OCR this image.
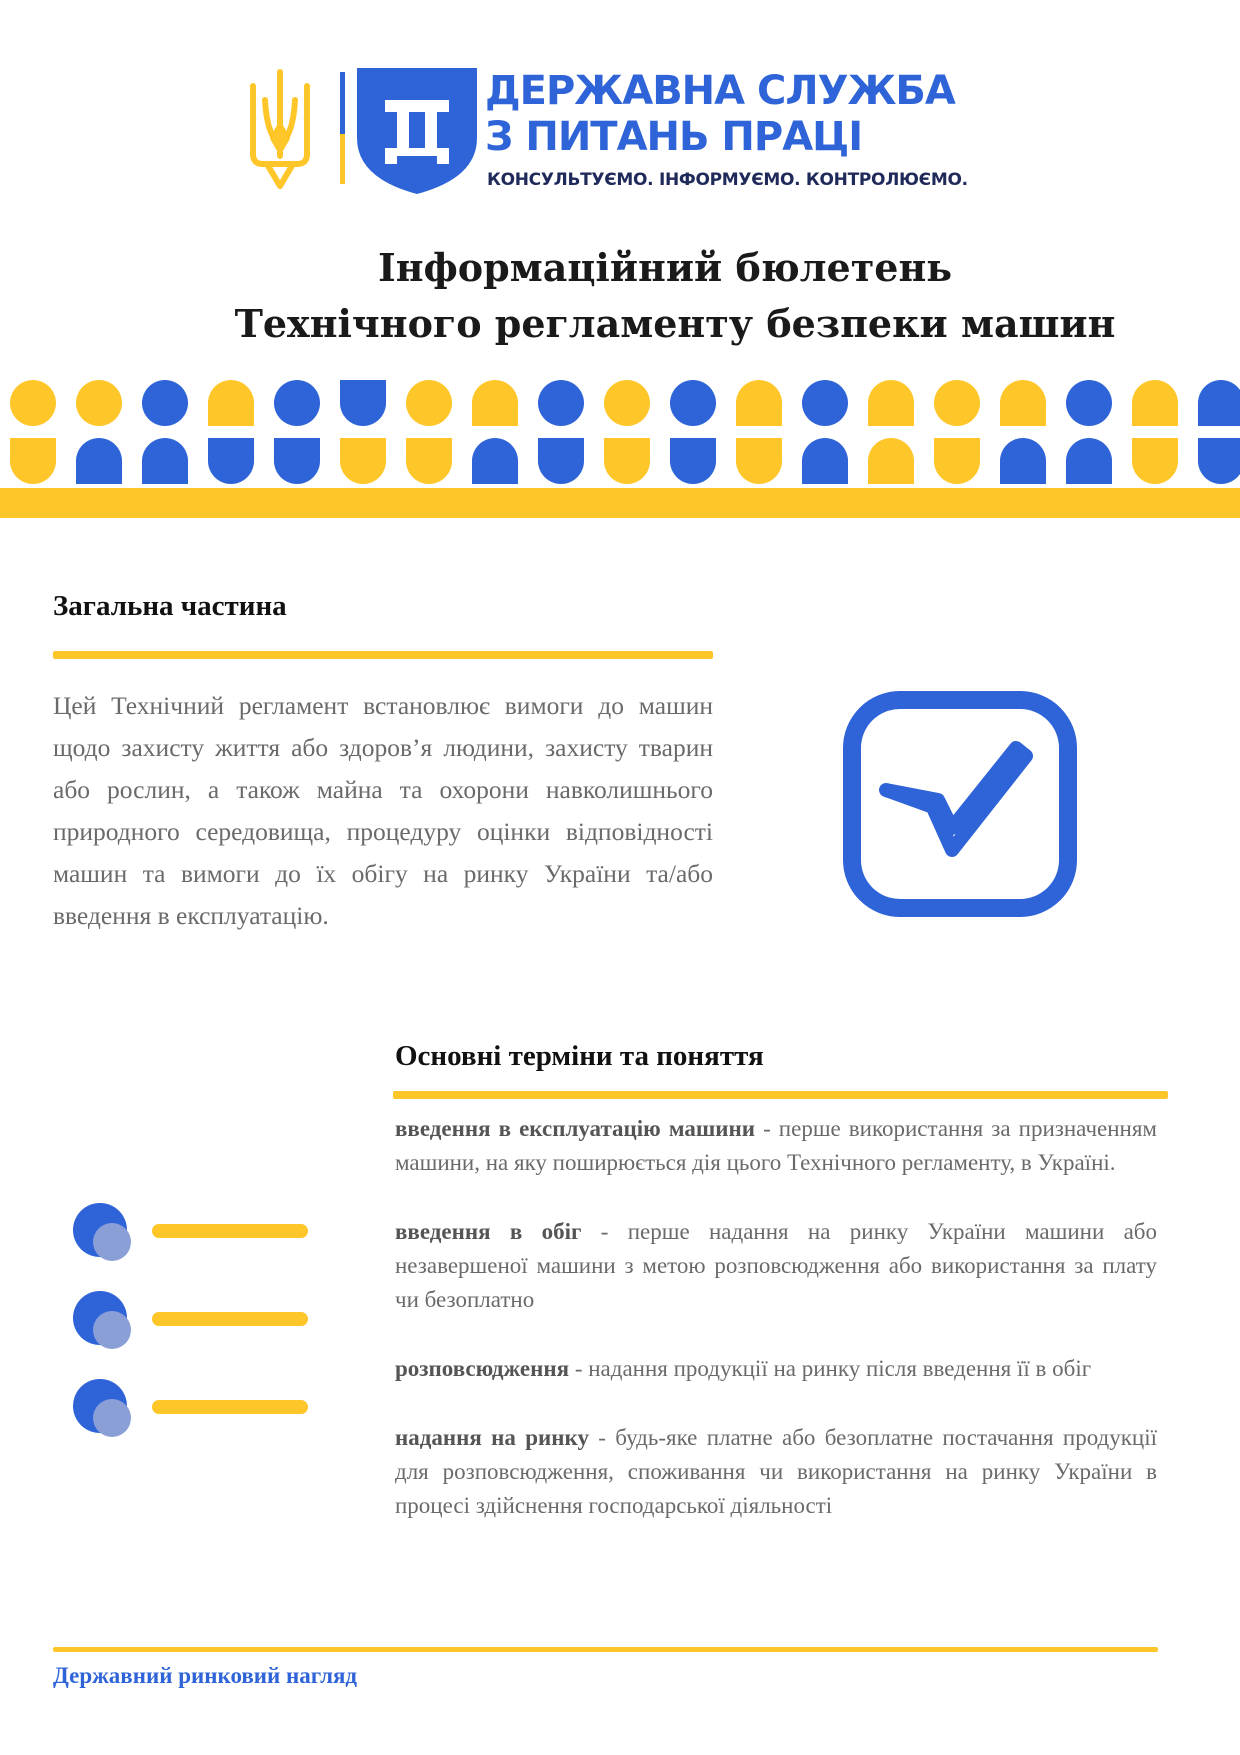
ДЕРЖАВНА СЛУЖБА
З ПИТАНЬ ПРАЦІ
КОНСУЛЬТУЄМО. ІНФОРМУЄМО. КОНТРОЛЮЄМО.
Інформаційний бюлетень
Технічного регламенту безпеки машин
Загальна частина

Цей Технічний регламент встановлює вимоги до машин щодо захисту життя або здоров’я людини, захисту тварин або рослин, а також майна та охорони навколишнього природного середовища, процедуру оцінки відповідності машин та вимоги до їх обігу на ринку України та/або введення в експлуатацію.

Основні терміни та поняття
введення в експлуатацію машини - перше використання за призначенням машини, на яку поширюється дія цього Технічного регламенту, в Україні.
введення в обіг - перше надання на ринку України машини або незавершеної машини з метою розповсюдження або використання за плату чи безоплатно
розповсюдження - надання продукції на ринку після введення її в обіг
надання на ринку - будь-яке платне або безоплатне постачання продукції для розповсюдження, споживання чи використання на ринку України в процесі здійснення господарської діяльності
Державний ринковий нагляд
